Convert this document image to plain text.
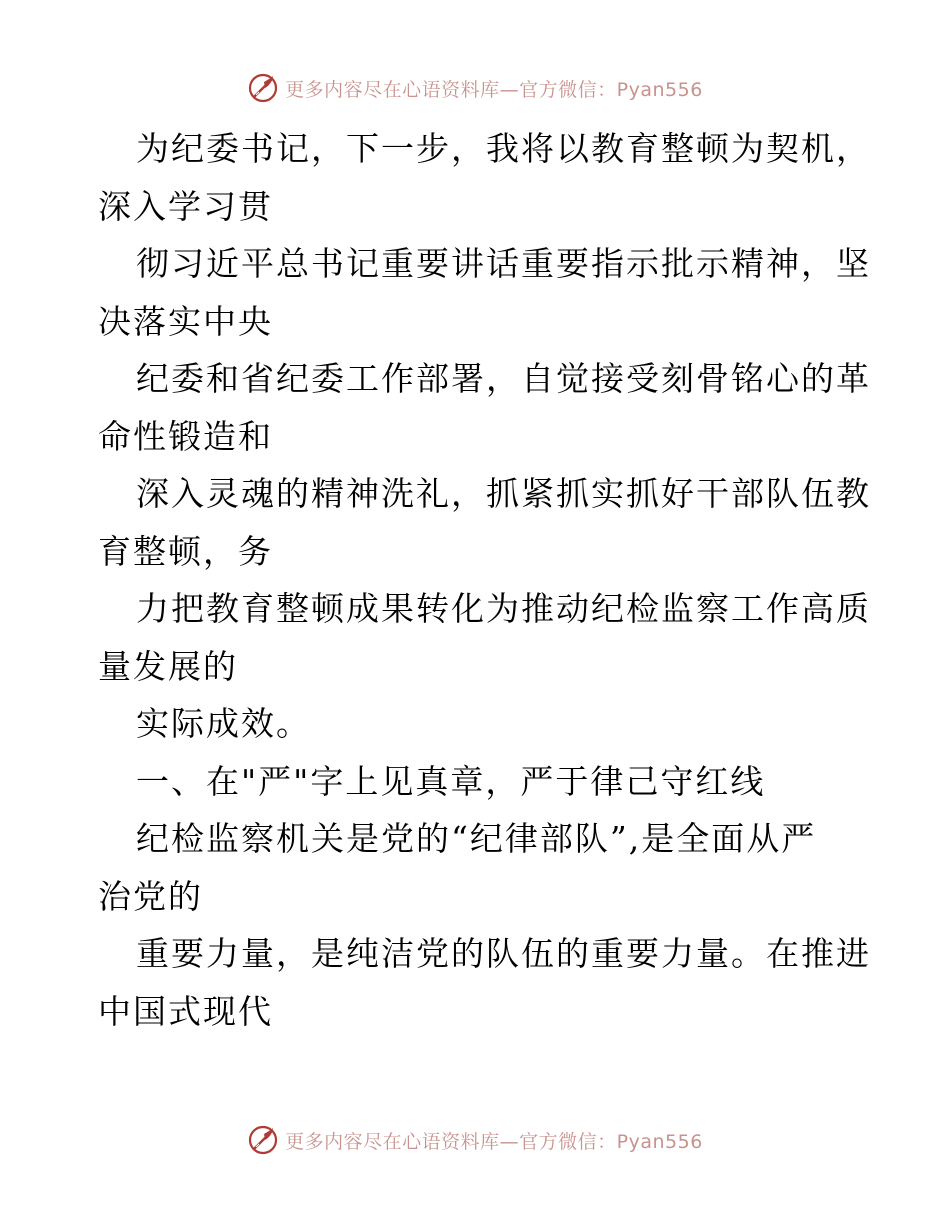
更多内容尽在心语资料库—官方微信：Pyan556
为纪委书记，下一步，我将以教育整顿为契机，
深入学习贯
彻习近平总书记重要讲话重要指示批示精神，坚
决落实中央
纪委和省纪委工作部署，自觉接受刻骨铭心的革
命性锻造和
深入灵魂的精神洗礼，抓紧抓实抓好干部队伍教
育整顿，务
力把教育整顿成果转化为推动纪检监察工作高质
量发展的
实际成效。
一、在"严"字上见真章，严于律己守红线
纪检监察机关是党的“纪律部队”,是全面从严
治党的
重要力量，是纯洁党的队伍的重要力量。在推进
中国式现代
更多内容尽在心语资料库—官方微信：Pyan556
